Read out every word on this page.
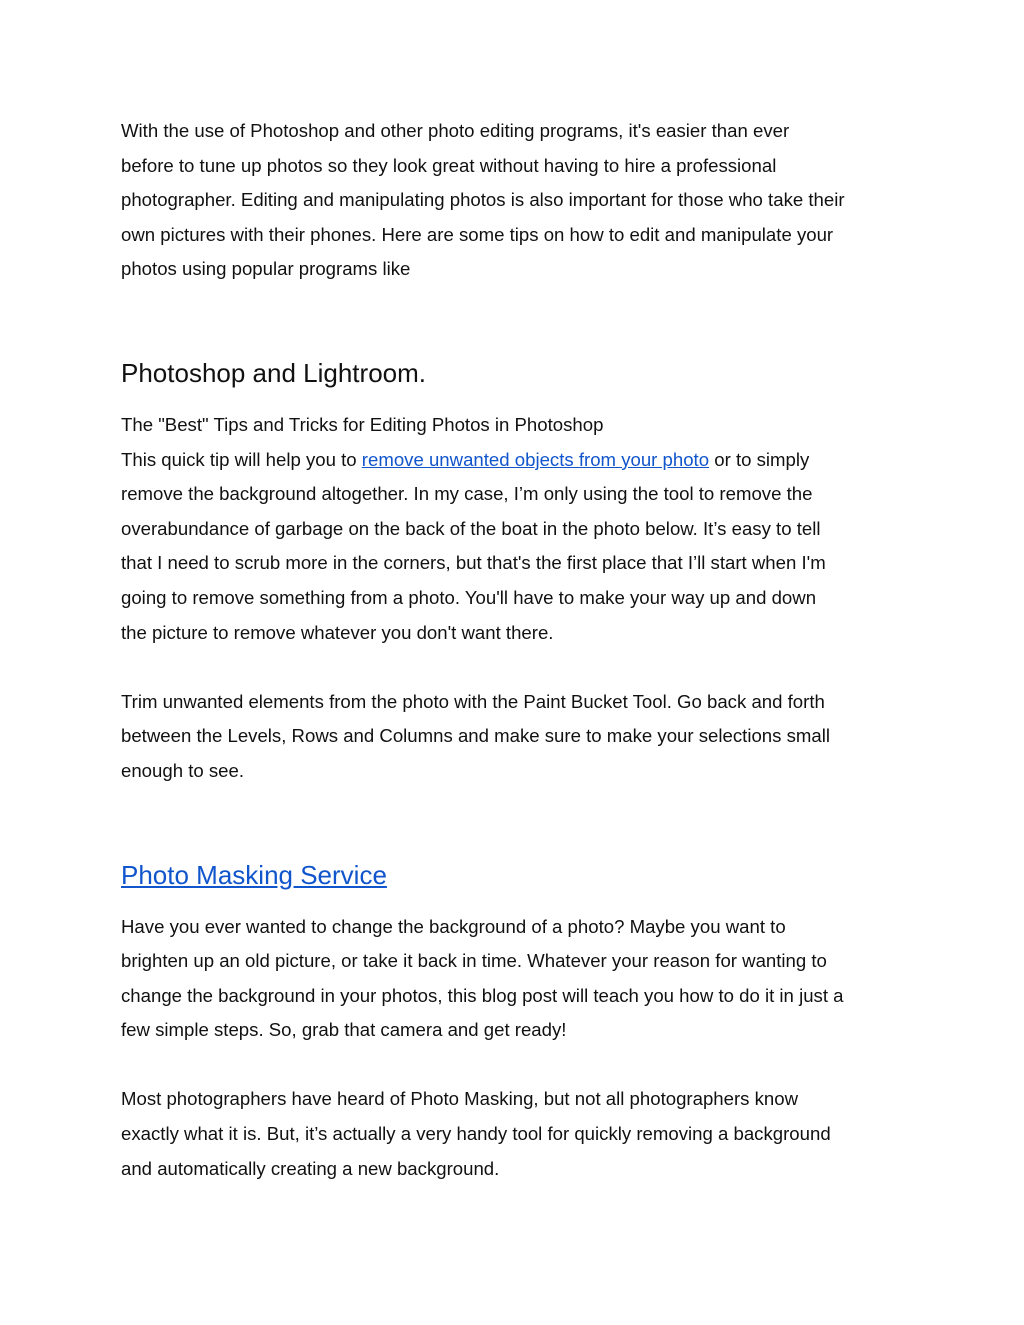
With the use of Photoshop and other photo editing programs, it's easier than ever
before to tune up photos so they look great without having to hire a professional
photographer. Editing and manipulating photos is also important for those who take their
own pictures with their phones. Here are some tips on how to edit and manipulate your
photos using popular programs like

Photoshop and Lightroom.

The "Best" Tips and Tricks for Editing Photos in Photoshop
This quick tip will help you to remove unwanted objects from your photo or to simply
remove the background altogether. In my case, I’m only using the tool to remove the
overabundance of garbage on the back of the boat in the photo below. It’s easy to tell
that I need to scrub more in the corners, but that's the first place that I’ll start when I'm
going to remove something from a photo. You'll have to make your way up and down
the picture to remove whatever you don't want there.

Trim unwanted elements from the photo with the Paint Bucket Tool. Go back and forth
between the Levels, Rows and Columns and make sure to make your selections small
enough to see.

Photo Masking Service

Have you ever wanted to change the background of a photo? Maybe you want to
brighten up an old picture, or take it back in time. Whatever your reason for wanting to
change the background in your photos, this blog post will teach you how to do it in just a
few simple steps. So, grab that camera and get ready!

Most photographers have heard of Photo Masking, but not all photographers know
exactly what it is. But, it’s actually a very handy tool for quickly removing a background
and automatically creating a new background.
